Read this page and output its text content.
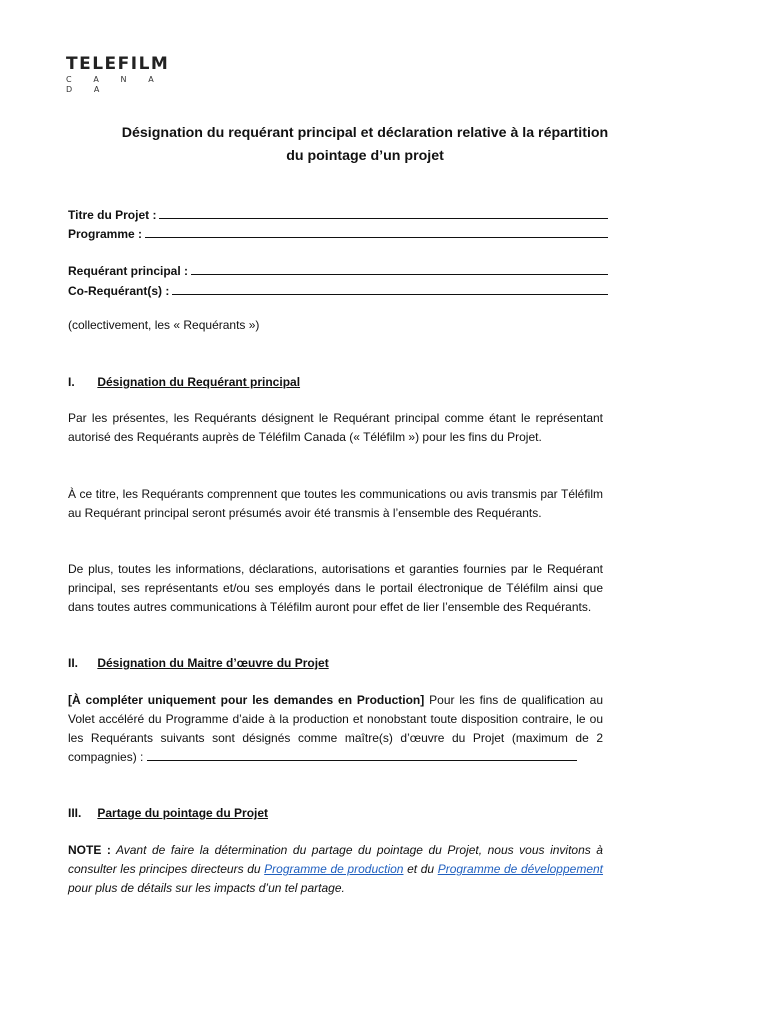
TELEFILM
C A N A D A
Désignation du requérant principal et déclaration relative à la répartition
du pointage d’un projet
Titre du Projet :
Programme :
Requérant principal :
Co-Requérant(s) :
(collectivement, les « Requérants »)
I. Désignation du Requérant principal
Par les présentes, les Requérants désignent le Requérant principal comme étant le représentant autorisé des Requérants auprès de Téléfilm Canada (« Téléfilm ») pour les fins du Projet.
À ce titre, les Requérants comprennent que toutes les communications ou avis transmis par Téléfilm au Requérant principal seront présumés avoir été transmis à l’ensemble des Requérants.
De plus, toutes les informations, déclarations, autorisations et garanties fournies par le Requérant principal, ses représentants et/ou ses employés dans le portail électronique de Téléfilm ainsi que dans toutes autres communications à Téléfilm auront pour effet de lier l’ensemble des Requérants.
II. Désignation du Maitre d’œuvre du Projet
[À compléter uniquement pour les demandes en Production] Pour les fins de qualification au Volet accéléré du Programme d’aide à la production et nonobstant toute disposition contraire, le ou les Requérants suivants sont désignés comme maître(s) d’œuvre du Projet (maximum de 2 compagnies) :
III. Partage du pointage du Projet
NOTE : Avant de faire la détermination du partage du pointage du Projet, nous vous invitons à consulter les principes directeurs du Programme de production et du Programme de développement pour plus de détails sur les impacts d’un tel partage.
